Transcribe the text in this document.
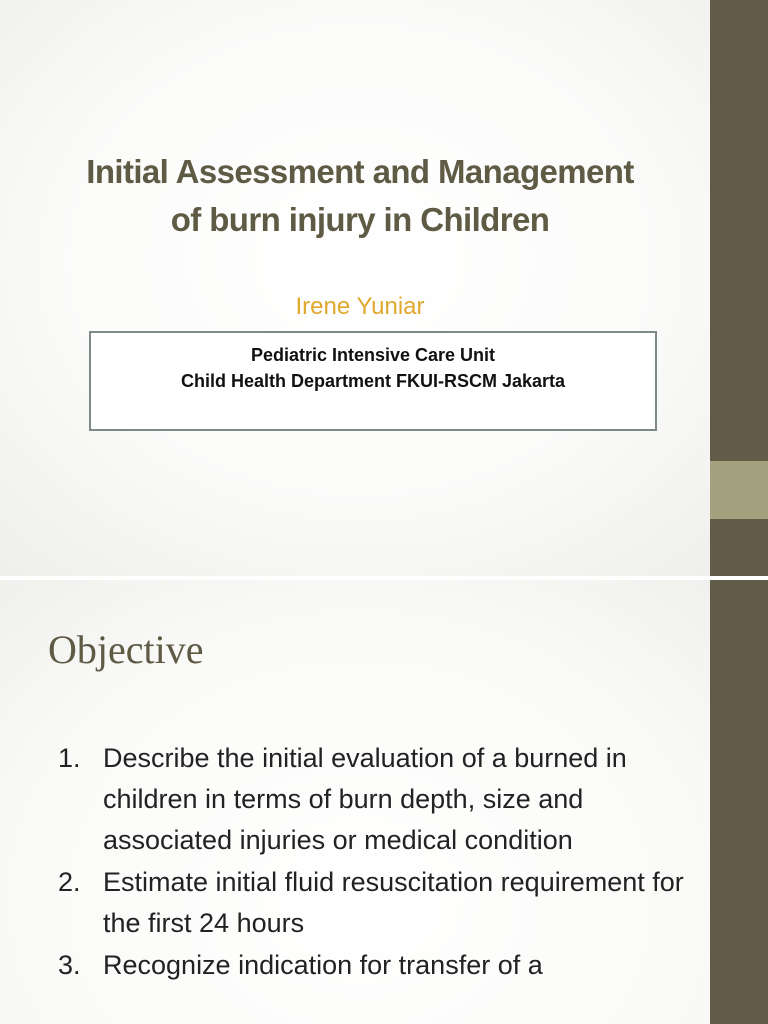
Initial Assessment and Management
of burn injury in Children
Irene Yuniar
Pediatric Intensive Care Unit
Child Health Department FKUI-RSCM Jakarta
Objective
1. Describe the initial evaluation of a burned in children in terms of burn depth, size and associated injuries or medical condition
2. Estimate initial fluid resuscitation requirement for the first 24 hours
3. Recognize indication for transfer of a
